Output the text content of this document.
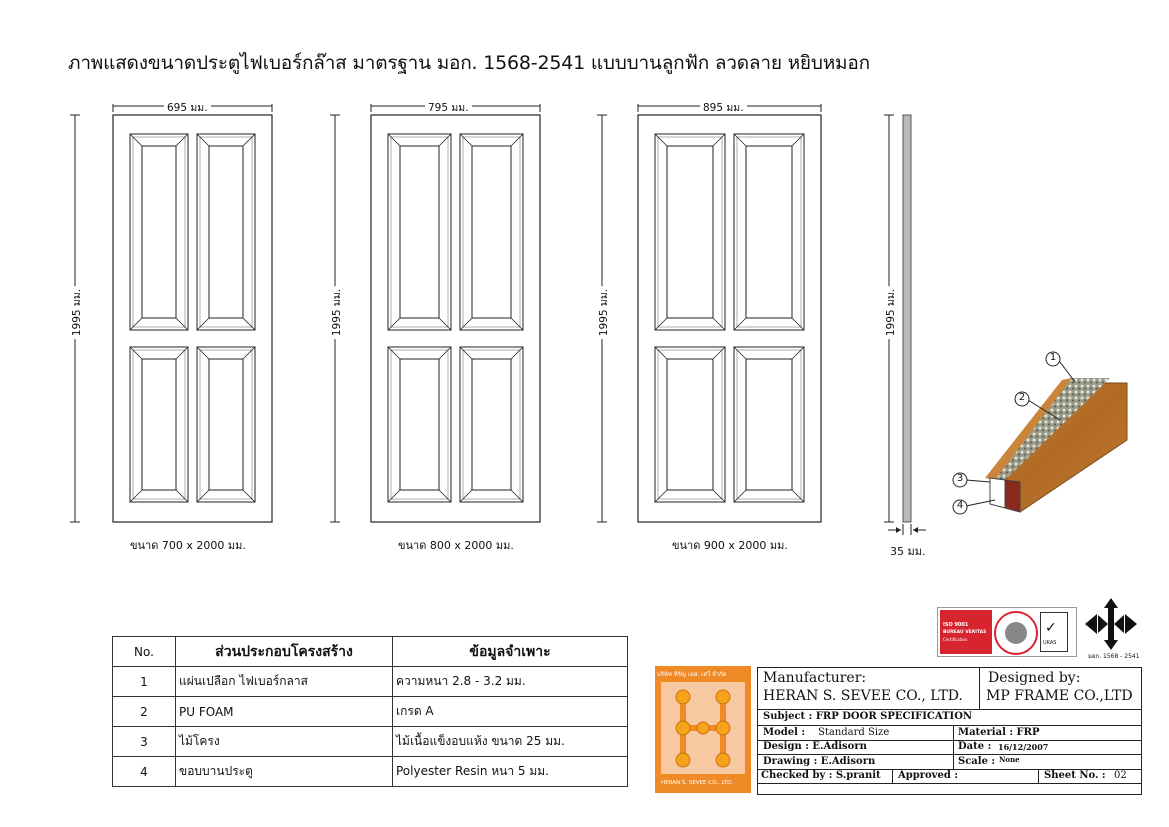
ภาพแสดงขนาดประตูไฟเบอร์กล๊าส มาตรฐาน มอก. 1568-2541 แบบบานลูกฟัก ลวดลาย หยิบหมอก
695 มม.
1995 มม.
ขนาด 700 x 2000 มม.
795 มม.
1995 มม.
ขนาด 800 x 2000 มม.
895 มม.
1995 มม.
ขนาด 900 x 2000 มม.
1995 มม.
35 มม.
1
2
3
4
No.	ส่วนประกอบโครงสร้าง	ข้อมูลจำเพาะ
1	แผ่นเปลือก ไฟเบอร์กลาส	ความหนา 2.8 - 3.2 มม.
2	PU FOAM	เกรด A
3	ไม้โครง	ไม้เนื้อแข็งอบแห้ง ขนาด 25 มม.
4	ขอบบานประตู	Polyester Resin หนา 5 มม.
ISO 9001
BUREAU VERITAS
Certification
✓
UKAS
มอก. 1568 - 2541
บริษัท หิรัญ เอส. เสวี จำกัด
HERAN S. SEVEE CO., LTD.
Manufacturer:
HERAN S. SEVEE CO., LTD.
Designed by:
MP FRAME CO.,LTD
Subject : FRP DOOR SPECIFICATION
Model : Standard Size	Material : FRP
Design : E.Adisorn	Date : 16/12/2007
Drawing : E.Adisorn	Scale : None
Checked by : S.pranit Approved :	Sheet No. : 02
